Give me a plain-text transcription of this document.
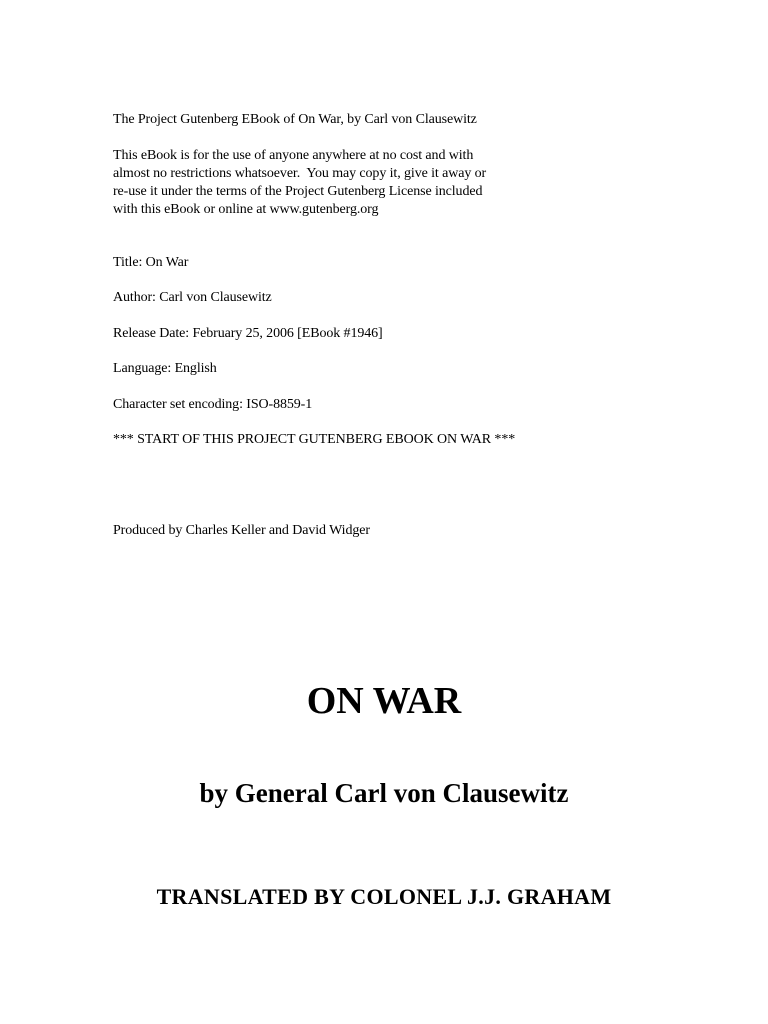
The Project Gutenberg EBook of On War, by Carl von Clausewitz
This eBook is for the use of anyone anywhere at no cost and with
almost no restrictions whatsoever.  You may copy it, give it away or
re-use it under the terms of the Project Gutenberg License included
with this eBook or online at www.gutenberg.org
Title: On War
Author: Carl von Clausewitz
Release Date: February 25, 2006 [EBook #1946]
Language: English
Character set encoding: ISO-8859-1
*** START OF THIS PROJECT GUTENBERG EBOOK ON WAR ***
Produced by Charles Keller and David Widger
ON WAR
by General Carl von Clausewitz
TRANSLATED BY COLONEL J.J. GRAHAM
